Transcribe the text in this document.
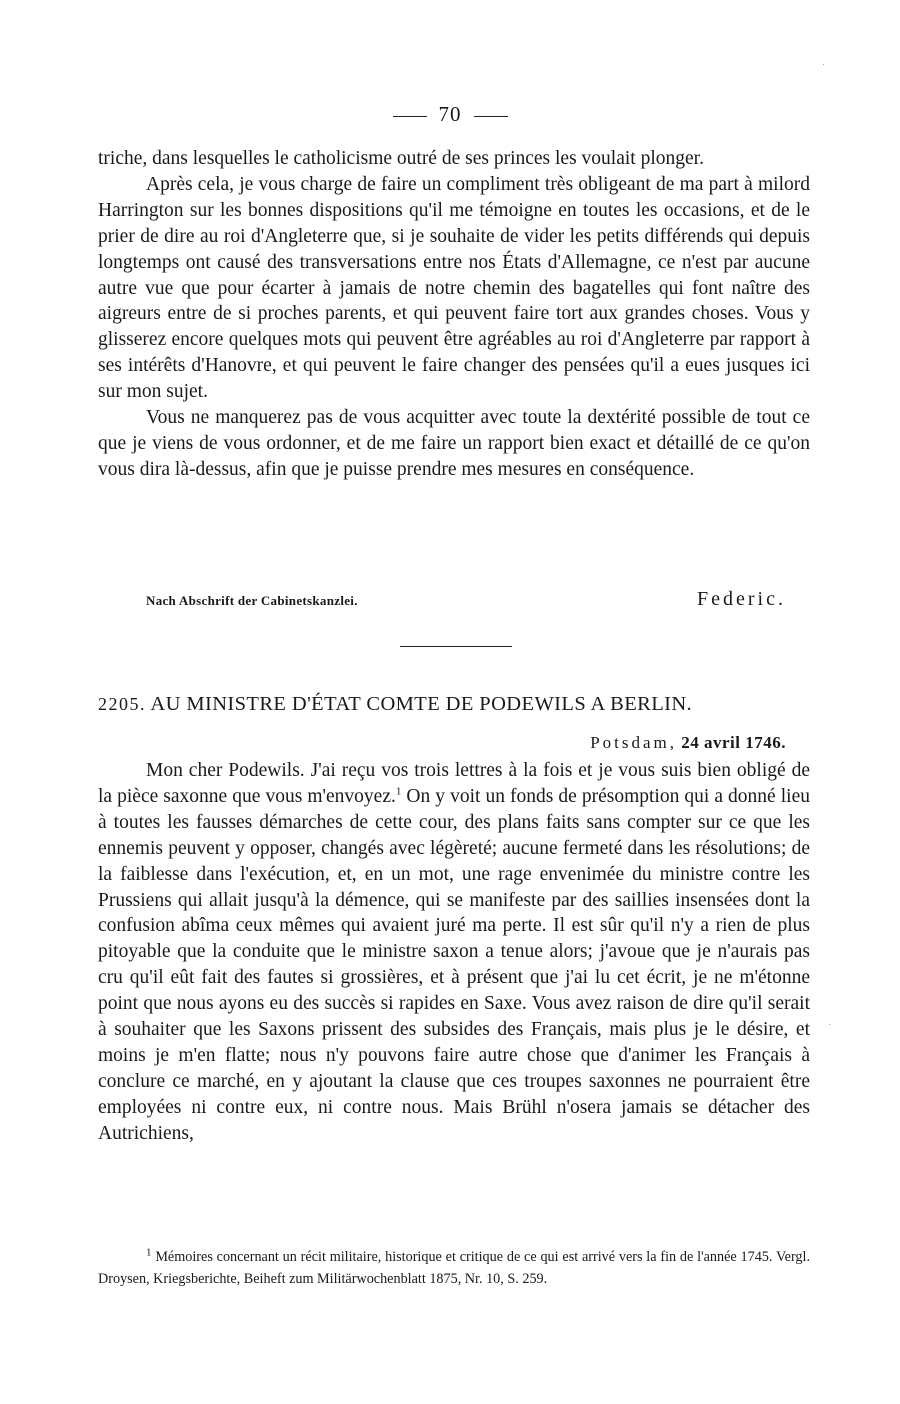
70

triche, dans lesquelles le catholicisme outré de ses princes les voulait plonger.

Après cela, je vous charge de faire un compliment très obligeant de ma part à milord Harrington sur les bonnes dispositions qu'il me témoigne en toutes les occasions, et de le prier de dire au roi d'Angleterre que, si je souhaite de vider les petits différends qui depuis longtemps ont causé des transversations entre nos États d'Allemagne, ce n'est par aucune autre vue que pour écarter à jamais de notre chemin des bagatelles qui font naître des aigreurs entre de si proches parents, et qui peuvent faire tort aux grandes choses. Vous y glisserez encore quelques mots qui peuvent être agréables au roi d'Angleterre par rapport à ses intérêts d'Hanovre, et qui peuvent le faire changer des pensées qu'il a eues jusques ici sur mon sujet.

Vous ne manquerez pas de vous acquitter avec toute la dextérité possible de tout ce que je viens de vous ordonner, et de me faire un rapport bien exact et détaillé de ce qu'on vous dira là-dessus, afin que je puisse prendre mes mesures en conséquence.

Nach Abschrift der Cabinetskanzlei.	Federic.
2205. AU MINISTRE D'ÉTAT COMTE DE PODEWILS A BERLIN.
Potsdam, 24 avril 1746.

Mon cher Podewils. J'ai reçu vos trois lettres à la fois et je vous suis bien obligé de la pièce saxonne que vous m'envoyez.$^1$ On y voit un fonds de présomption qui a donné lieu à toutes les fausses démarches de cette cour, des plans faits sans compter sur ce que les ennemis peuvent y opposer, changés avec légèreté; aucune fermeté dans les résolutions; de la faiblesse dans l'exécution, et, en un mot, une rage envenimée du ministre contre les Prussiens qui allait jusqu'à la démence, qui se manifeste par des saillies insensées dont la confusion abîma ceux mêmes qui avaient juré ma perte. Il est sûr qu'il n'y a rien de plus pitoyable que la conduite que le ministre saxon a tenue alors; j'avoue que je n'aurais pas cru qu'il eût fait des fautes si grossières, et à présent que j'ai lu cet écrit, je ne m'étonne point que nous ayons eu des succès si rapides en Saxe. Vous avez raison de dire qu'il serait à souhaiter que les Saxons prissent des subsides des Français, mais plus je le désire, et moins je m'en flatte; nous n'y pouvons faire autre chose que d'animer les Français à conclure ce marché, en y ajoutant la clause que ces troupes saxonnes ne pourraient être employées ni contre eux, ni contre nous. Mais Brühl n'osera jamais se détacher des Autrichiens,

$^1$ Mémoires concernant un récit militaire, historique et critique de ce qui est arrivé vers la fin de l'année 1745. Vergl. Droysen, Kriegsberichte, Beiheft zum Militärwochenblatt 1875, Nr. 10, S. 259.

·
·
